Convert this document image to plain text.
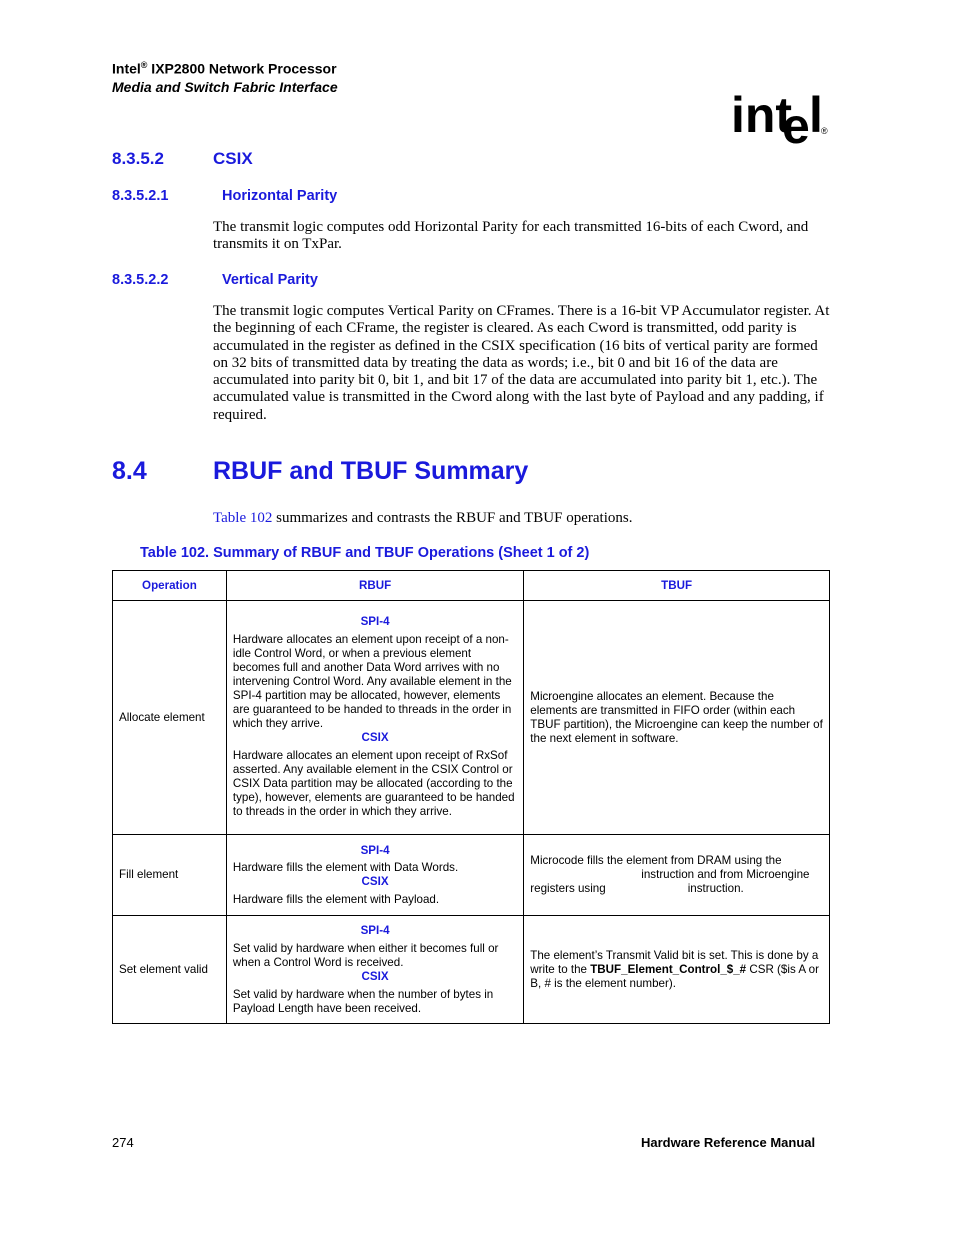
Intel® IXP2800 Network Processor
Media and Switch Fabric Interface	int
e l
®
8.3.5.2	CSIX
8.3.5.2.1	Horizontal Parity
The transmit logic computes odd Horizontal Parity for each transmitted 16-bits of each Cword, and transmits it on TxPar.
8.3.5.2.2	Vertical Parity
The transmit logic computes Vertical Parity on CFrames. There is a 16-bit VP Accumulator register. At the beginning of each CFrame, the register is cleared. As each Cword is transmitted, odd parity is accumulated in the register as defined in the CSIX specification (16 bits of vertical parity are formed on 32 bits of transmitted data by treating the data as words; i.e., bit 0 and bit 16 of the data are accumulated into parity bit 0, bit 1, and bit 17 of the data are accumulated into parity bit 1, etc.). The accumulated value is transmitted in the Cword along with the last byte of Payload and any padding, if required.
8.4	RBUF and TBUF Summary
Table 102 summarizes and contrasts the RBUF and TBUF operations.
Table 102. Summary of RBUF and TBUF Operations (Sheet 1 of 2)
Operation	RBUF	TBUF
Allocate element	SPI-4
Hardware allocates an element upon receipt of a non-idle Control Word, or when a previous element becomes full and another Data Word arrives with no intervening Control Word. Any available element in the SPI-4 partition may be allocated, however, elements are guaranteed to be handed to threads in the order in which they arrive.
CSIX
Hardware allocates an element upon receipt of RxSof asserted. Any available element in the CSIX Control or CSIX Data partition may be allocated (according to the type), however, elements are guaranteed to be handed to threads in the order in which they arrive.	Microengine allocates an element. Because the elements are transmitted in FIFO order (within each TBUF partition), the Microengine can keep the number of the next element in software.
Fill element	SPI-4
Hardware fills the element with Data Words.
CSIX
Hardware fills the element with Payload.	Microcode fills the element from DRAM using the
instruction and from Microengine
registers using instruction.

Set element valid	SPI-4
Set valid by hardware when either it becomes full or when a Control Word is received.
CSIX
Set valid by hardware when the number of bytes in Payload Length have been received.	The element’s Transmit Valid bit is set. This is done by a write to the TBUF_Element_Control_$_# CSR ($is A or B, # is the element number).
274	Hardware Reference Manual
